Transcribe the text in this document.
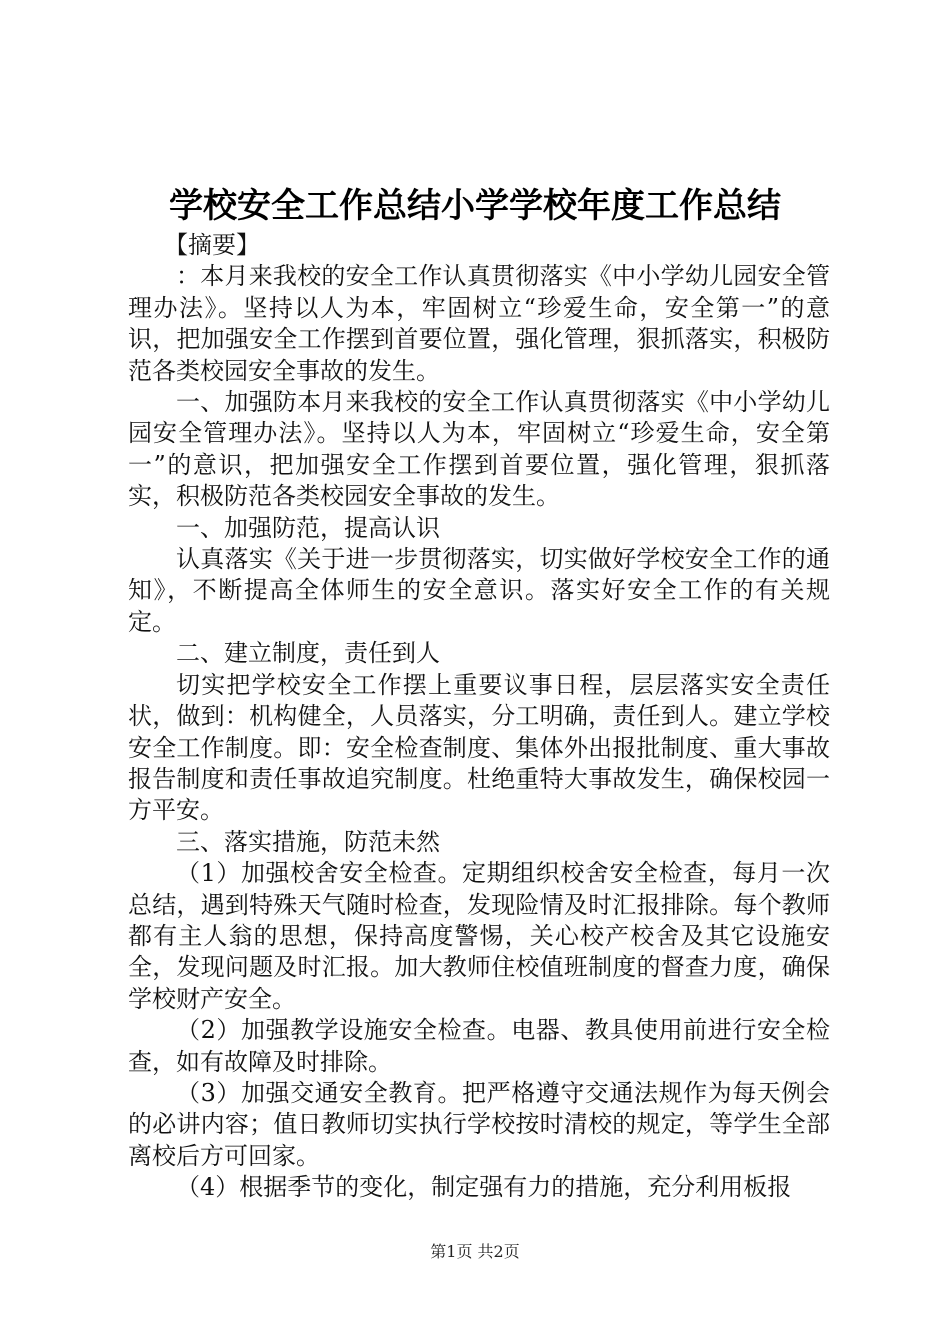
学校安全工作总结小学学校年度工作总结

【摘要】

：本月来我校的安全工作认真贯彻落实《中小学幼儿园安全管理办法》。坚持以人为本，牢固树立“珍爱生命，安全第一”的意识，把加强安全工作摆到首要位置，强化管理，狠抓落实，积极防范各类校园安全事故的发生。

一、加强防本月来我校的安全工作认真贯彻落实《中小学幼儿园安全管理办法》。坚持以人为本，牢固树立“珍爱生命，安全第一”的意识，把加强安全工作摆到首要位置，强化管理，狠抓落实，积极防范各类校园安全事故的发生。

一、加强防范，提高认识

认真落实《关于进一步贯彻落实，切实做好学校安全工作的通知》，不断提高全体师生的安全意识。落实好安全工作的有关规定。

二、建立制度，责任到人

切实把学校安全工作摆上重要议事日程，层层落实安全责任状，做到：机构健全，人员落实，分工明确，责任到人。建立学校安全工作制度。即：安全检查制度、集体外出报批制度、重大事故报告制度和责任事故追究制度。杜绝重特大事故发生，确保校园一方平安。

三、落实措施，防范未然

（1）加强校舍安全检查。定期组织校舍安全检查，每月一次总结，遇到特殊天气随时检查，发现险情及时汇报排除。每个教师都有主人翁的思想，保持高度警惕，关心校产校舍及其它设施安全，发现问题及时汇报。加大教师住校值班制度的督查力度，确保学校财产安全。

（2）加强教学设施安全检查。电器、教具使用前进行安全检查，如有故障及时排除。

（3）加强交通安全教育。把严格遵守交通法规作为每天例会的必讲内容；值日教师切实执行学校按时清校的规定，等学生全部离校后方可回家。

（4）根据季节的变化，制定强有力的措施，充分利用板报

第1页 共2页
